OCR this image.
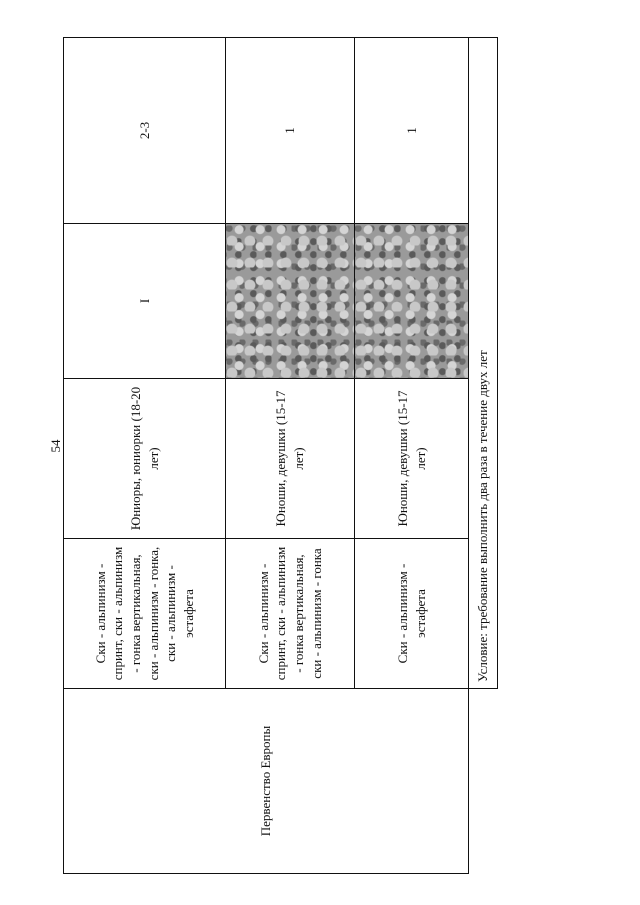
54
Первенство Европы	Ски - альпинизм - спринт, ски - альпинизм - гонка вертикальная, ски - альпинизм - гонка, ски - альпинизм - эстафета	Юниоры, юниорки (18-20 лет)	I	2-3
	Ски - альпинизм - спринт, ски - альпинизм - гонка вертикальная, ски - альпинизм - гонка	Юноши, девушки (15-17 лет)		1
	Ски - альпинизм - эстафета	Юноши, девушки (15-17 лет)		1
	Условие: требование выполнить два раза в течение двух лет			
